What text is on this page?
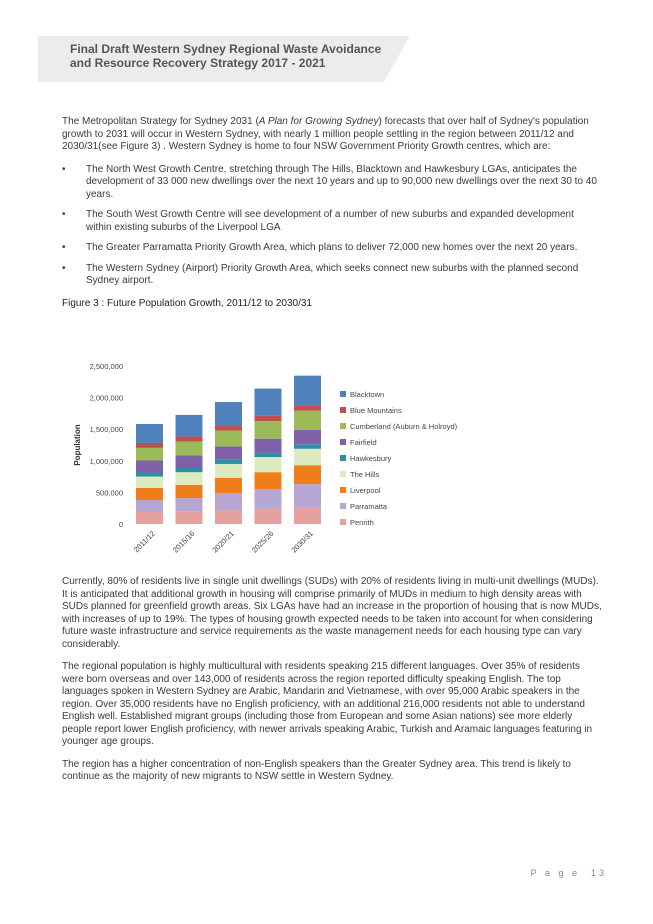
Final Draft Western Sydney Regional Waste Avoidance
and Resource Recovery Strategy 2017 - 2021

The Metropolitan Strategy for Sydney 2031 (A Plan for Growing Sydney) forecasts that over half of Sydney's population growth to 2031 will occur in Western Sydney, with nearly 1 million people settling in the region between 2011/12 and 2030/31(see Figure 3) . Western Sydney is home to four NSW Government Priority Growth centres, which are:

• The North West Growth Centre, stretching through The Hills, Blacktown and Hawkesbury LGAs, anticipates the development of 33 000 new dwellings over the next 10 years and up to 90,000 new dwellings over the next 30 to 40 years.
• The South West Growth Centre will see development of a number of new suburbs and expanded development within existing suburbs of the Liverpool LGA
• The Greater Parramatta Priority Growth Area, which plans to deliver 72,000 new homes over the next 20 years.
• The Western Sydney (Airport) Priority Growth Area, which seeks connect new suburbs with the planned second Sydney airport.

Figure 3 : Future Population Growth, 2011/12 to 2030/31

0
500,000
1,000,000
1,500,000
2,000,000
2,500,000
Population
2011/12 2015/16 2020/21 2025/26 2030/31
Blacktown
Blue Mountains
Cumberland (Auburn & Holroyd)
Fairfield
Hawkesbury
The Hills
Liverpool
Parramatta
Penrith

Currently, 80% of residents live in single unit dwellings (SUDs) with 20% of residents living in multi-unit dwellings (MUDs). It is anticipated that additional growth in housing will comprise primarily of MUDs in medium to high density areas with SUDs planned for greenfield growth areas. Six LGAs have had an increase in the proportion of housing that is now MUDs, with increases of up to 19%. The types of housing growth expected needs to be taken into account for when considering future waste infrastructure and service requirements as the waste management needs for each housing type can vary considerably.

The regional population is highly multicultural with residents speaking 215 different languages. Over 35% of residents were born overseas and over 143,000 of residents across the region reported difficulty speaking English. The top languages spoken in Western Sydney are Arabic, Mandarin and Vietnamese, with over 95,000 Arabic speakers in the region. Over 35,000 residents have no English proficiency, with an additional 216,000 residents not able to understand English well. Established migrant groups (including those from European and some Asian nations) see more elderly people report lower English proficiency, with newer arrivals speaking Arabic, Turkish and Aramaic languages featuring in younger age groups.

The region has a higher concentration of non-English speakers than the Greater Sydney area. This trend is likely to continue as the majority of new migrants to NSW settle in Western Sydney.

P a g e 13
